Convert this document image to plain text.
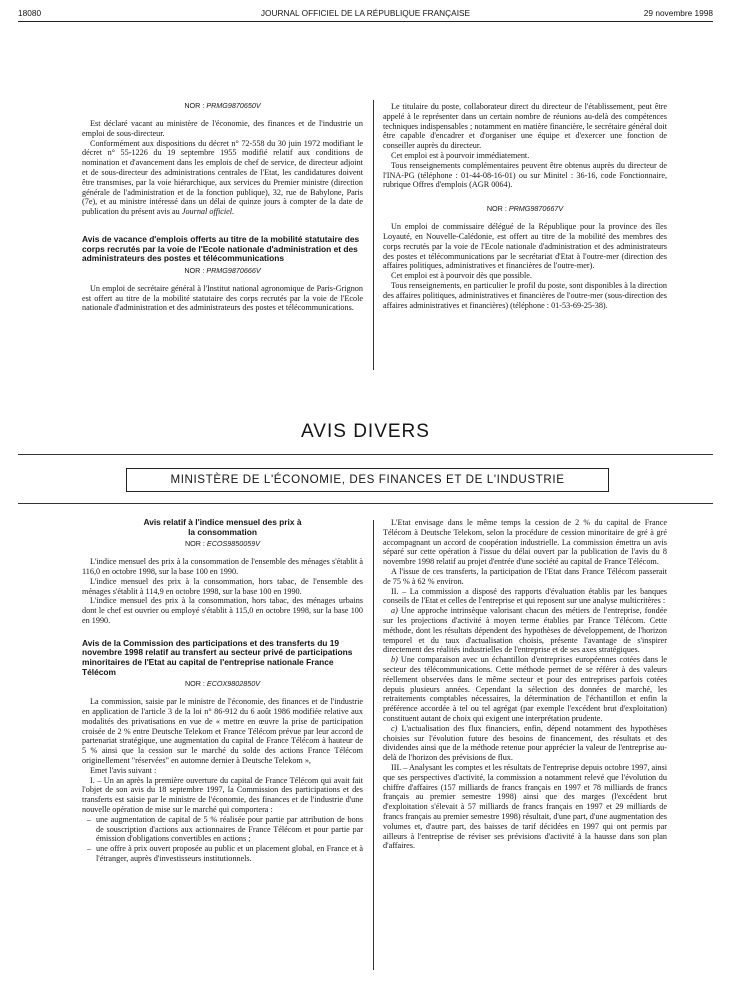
18080	JOURNAL OFFICIEL DE LA RÉPUBLIQUE FRANÇAISE	29 novembre 1998
NOR : PRMG9870650V

Est déclaré vacant au ministère de l'économie, des finances et de l'industrie un emploi de sous-directeur.

Conformément aux dispositions du décret n° 72-558 du 30 juin 1972 modifiant le décret n° 55-1226 du 19 septembre 1955 modifié relatif aux conditions de nomination et d'avancement dans les emplois de chef de service, de directeur adjoint et de sous-directeur des administrations centrales de l'Etat, les candidatures doivent être transmises, par la voie hiérarchique, aux services du Premier ministre (direction générale de l'administration et de la fonction publique), 32, rue de Babylone, Paris (7e), et au ministre intéressé dans un délai de quinze jours à compter de la date de publication du présent avis au Journal officiel.

Avis de vacance d'emplois offerts au titre de la mobilité statutaire des corps recrutés par la voie de l'Ecole nationale d'administration et des administrateurs des postes et télécommunications
NOR : PRMG9870666V

Un emploi de secrétaire général à l'Institut national agronomique de Paris-Grignon est offert au titre de la mobilité statutaire des corps recrutés par la voie de l'Ecole nationale d'administration et des administrateurs des postes et télécommunications.

Le titulaire du poste, collaborateur direct du directeur de l'établissement, peut être appelé à le représenter dans un certain nombre de réunions au-delà des compétences techniques indispensables ; notamment en matière financière, le secrétaire général doit être capable d'encadrer et d'organiser une équipe et d'exercer une fonction de conseiller auprès du directeur.

Cet emploi est à pourvoir immédiatement.

Tous renseignements complémentaires peuvent être obtenus auprès du directeur de l'INA-PG (téléphone : 01-44-08-16-01) ou sur Minitel : 36-16, code Fonctionnaire, rubrique Offres d'emplois (AGR 0064).

NOR : PRMG9870667V

Un emploi de commissaire délégué de la République pour la province des îles Loyauté, en Nouvelle-Calédonie, est offert au titre de la mobilité des membres des corps recrutés par la voie de l'Ecole nationale d'administration et des administrateurs des postes et télécommunications par le secrétariat d'Etat à l'outre-mer (direction des affaires politiques, administratives et financières de l'outre-mer).

Cet emploi est à pourvoir dès que possible.

Tous renseignements, en particulier le profil du poste, sont disponibles à la direction des affaires politiques, administratives et financières de l'outre-mer (sous-direction des affaires administratives et financières) (téléphone : 01-53-69-25-38).

AVIS DIVERS
MINISTÈRE DE L'ÉCONOMIE, DES FINANCES ET DE L'INDUSTRIE
Avis relatif à l'indice mensuel des prix à la consommation
NOR : ECOS9850059V

L'indice mensuel des prix à la consommation de l'ensemble des ménages s'établit à 116,0 en octobre 1998, sur la base 100 en 1990.

L'indice mensuel des prix à la consommation, hors tabac, de l'ensemble des ménages s'établit à 114,9 en octobre 1998, sur la base 100 en 1990.

L'indice mensuel des prix à la consommation, hors tabac, des ménages urbains dont le chef est ouvrier ou employé s'établit à 115,0 en octobre 1998, sur la base 100 en 1990.

Avis de la Commission des participations et des transferts du 19 novembre 1998 relatif au transfert au secteur privé de participations minoritaires de l'Etat au capital de l'entreprise nationale France Télécom
NOR : ECOX9802850V

La commission, saisie par le ministre de l'économie, des finances et de l'industrie en application de l'article 3 de la loi n° 86-912 du 6 août 1986 modifiée relative aux modalités des privatisations en vue de « mettre en œuvre la prise de participation croisée de 2 % entre Deutsche Telekom et France Télécom prévue par leur accord de partenariat stratégique, une augmentation du capital de France Télécom à hauteur de 5 % ainsi que la cession sur le marché du solde des actions France Télécom originellement "réservées" en automne dernier à Deutsche Telekom »,

Emet l'avis suivant :

I. – Un an après la première ouverture du capital de France Télécom qui avait fait l'objet de son avis du 18 septembre 1997, la Commission des participations et des transferts est saisie par le ministre de l'économie, des finances et de l'industrie d'une nouvelle opération de mise sur le marché qui comportera :

– une augmentation de capital de 5 % réalisée pour partie par attribution de bons de souscription d'actions aux actionnaires de France Télécom et pour partie par émission d'obligations convertibles en actions ;
– une offre à prix ouvert proposée au public et un placement global, en France et à l'étranger, auprès d'investisseurs institutionnels.

L'Etat envisage dans le même temps la cession de 2 % du capital de France Télécom à Deutsche Telekom, selon la procédure de cession minoritaire de gré à gré accompagnant un accord de coopération industrielle. La commission émettra un avis séparé sur cette opération à l'issue du délai ouvert par la publication de l'avis du 8 novembre 1998 relatif au projet d'entrée d'une société au capital de France Télécom.

A l'issue de ces transferts, la participation de l'Etat dans France Télécom passerait de 75 % à 62 % environ.

II. – La commission a disposé des rapports d'évaluation établis par les banques conseils de l'Etat et celles de l'entreprise et qui reposent sur une analyse multicritères :

a) Une approche intrinsèque valorisant chacun des métiers de l'entreprise, fondée sur les projections d'activité à moyen terme établies par France Télécom. Cette méthode, dont les résultats dépendent des hypothèses de développement, de l'horizon temporel et du taux d'actualisation choisis, présente l'avantage de s'inspirer directement des réalités industrielles de l'entreprise et de ses axes stratégiques.

b) Une comparaison avec un échantillon d'entreprises européennes cotées dans le secteur des télécommunications. Cette méthode permet de se référer à des valeurs réellement observées dans le même secteur et pour des entreprises parfois cotées depuis plusieurs années. Cependant la sélection des données de marché, les retraitements comptables nécessaires, la détermination de l'échantillon et enfin la préférence accordée à tel ou tel agrégat (par exemple l'excédent brut d'exploitation) constituent autant de choix qui exigent une interprétation prudente.

c) L'actualisation des flux financiers, enfin, dépend notamment des hypothèses choisies sur l'évolution future des besoins de financement, des résultats et des dividendes ainsi que de la méthode retenue pour apprécier la valeur de l'entreprise au-delà de l'horizon des prévisions de flux.

III. – Analysant les comptes et les résultats de l'entreprise depuis octobre 1997, ainsi que ses perspectives d'activité, la commission a notamment relevé que l'évolution du chiffre d'affaires (157 milliards de francs français en 1997 et 78 milliards de francs français au premier semestre 1998) ainsi que des marges (l'excédent brut d'exploitation s'élevait à 57 milliards de francs français en 1997 et 29 milliards de francs français au premier semestre 1998) résultait, d'une part, d'une augmentation des volumes et, d'autre part, des baisses de tarif décidées en 1997 qui ont permis par ailleurs à l'entreprise de réviser ses prévisions d'activité à la hausse dans son plan d'affaires.
